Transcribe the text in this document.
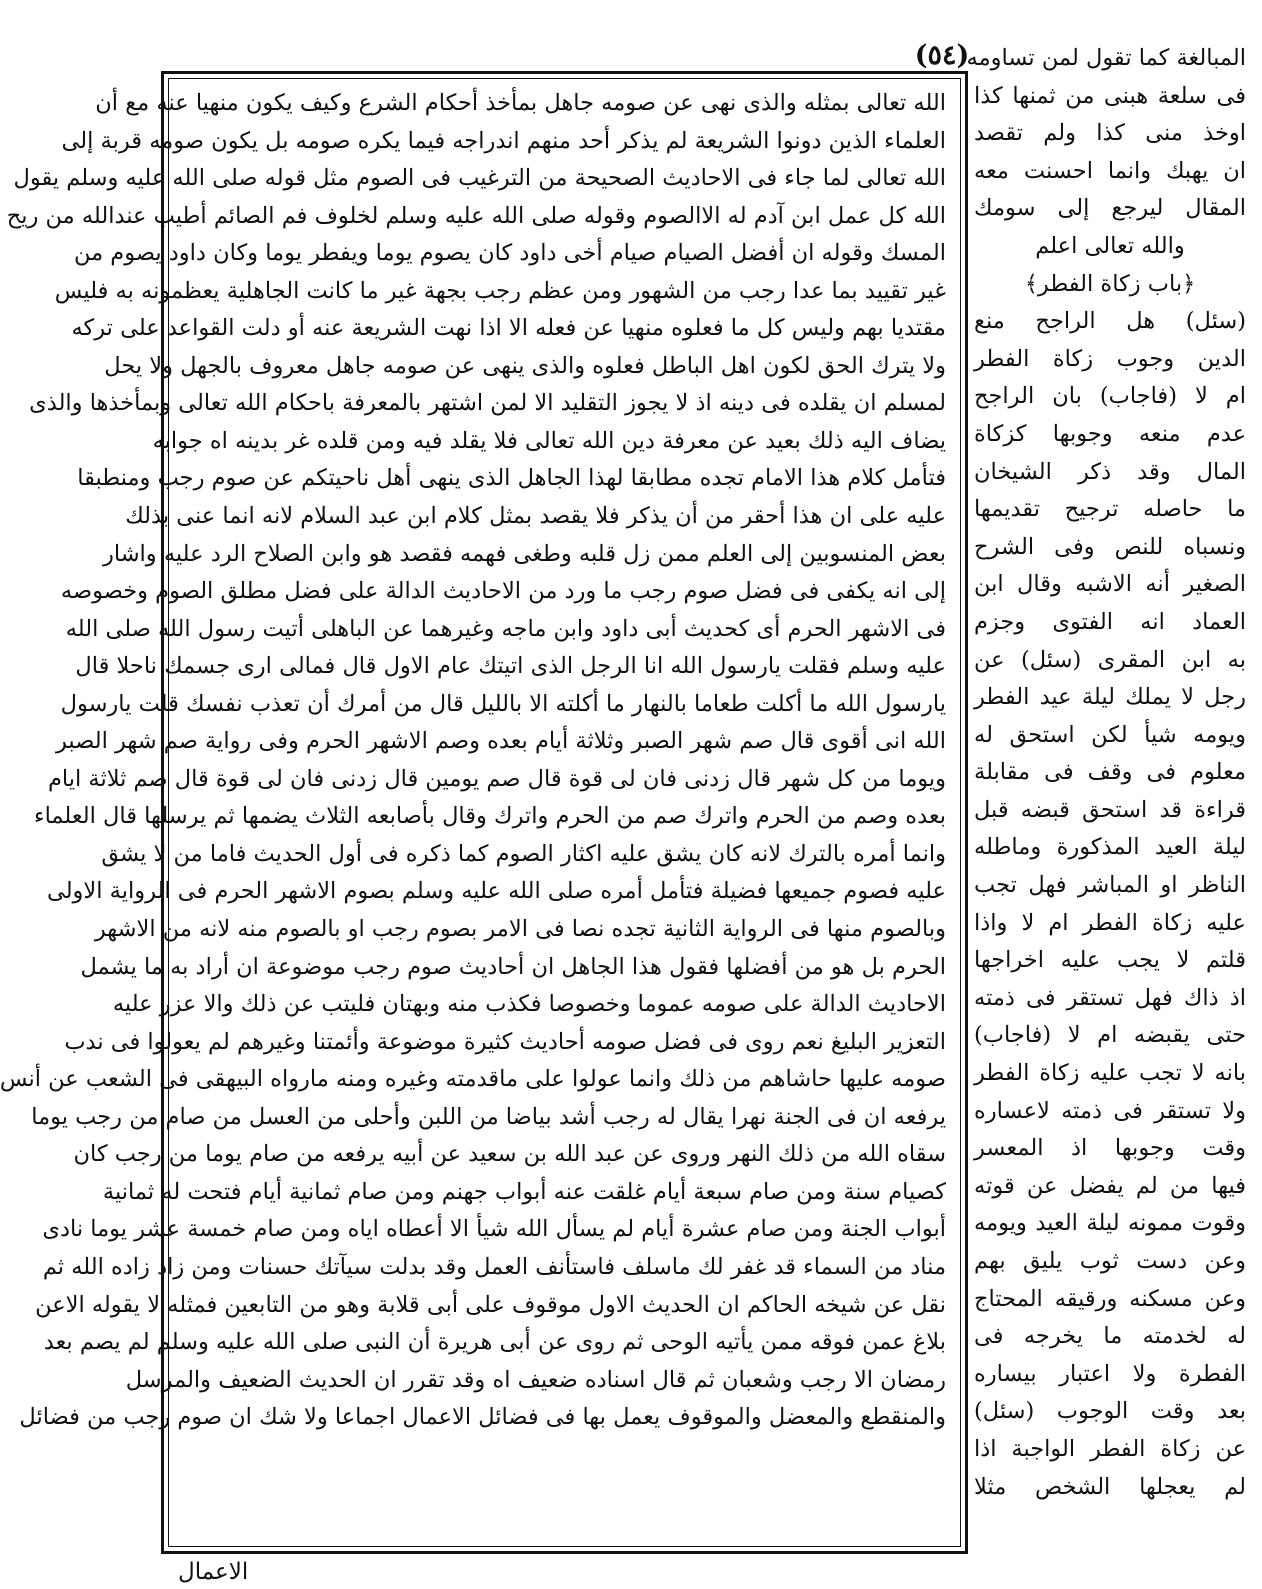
(٥٤)
الله تعالى بمثله والذى نهى عن صومه جاهل بمأخذ أحكام الشرع وكيف يكون منهيا عنه مع أن
العلماء الذين دونوا الشريعة لم يذكر أحد منهم اندراجه فيما يكره صومه بل يكون صومه قربة إلى
الله تعالى لما جاء فى الاحاديث الصحيحة من الترغيب فى الصوم مثل قوله صلى الله عليه وسلم يقول
الله كل عمل ابن آدم له الاالصوم وقوله صلى الله عليه وسلم لخلوف فم الصائم أطيب عندالله من ريح
المسك وقوله ان أفضل الصيام صيام أخى داود كان يصوم يوما ويفطر يوما وكان داود يصوم من
غير تقييد بما عدا رجب من الشهور ومن عظم رجب بجهة غير ما كانت الجاهلية يعظمونه به فليس
مقتديا بهم وليس كل ما فعلوه منهيا عن فعله الا اذا نهت الشريعة عنه أو دلت القواعد على تركه
ولا يترك الحق لكون اهل الباطل فعلوه والذى ينهى عن صومه جاهل معروف بالجهل ولا يحل
لمسلم ان يقلده فى دينه اذ لا يجوز التقليد الا لمن اشتهر بالمعرفة باحكام الله تعالى وبمأخذها والذى
يضاف اليه ذلك بعيد عن معرفة دين الله تعالى فلا يقلد فيه ومن قلده غر بدينه اه جوابه
فتأمل كلام هذا الامام تجده مطابقا لهذا الجاهل الذى ينهى أهل ناحيتكم عن صوم رجب ومنطبقا
عليه على ان هذا أحقر من أن يذكر فلا يقصد بمثل كلام ابن عبد السلام لانه انما عنى بذلك
بعض المنسوبين إلى العلم ممن زل قلبه وطغى فهمه فقصد هو وابن الصلاح الرد عليه واشار
إلى انه يكفى فى فضل صوم رجب ما ورد من الاحاديث الدالة على فضل مطلق الصوم وخصوصه
فى الاشهر الحرم أى كحديث أبى داود وابن ماجه وغيرهما عن الباهلى أتيت رسول الله صلى الله
عليه وسلم فقلت يارسول الله انا الرجل الذى اتيتك عام الاول قال فمالى ارى جسمك ناحلا قال
يارسول الله ما أكلت طعاما بالنهار ما أكلته الا بالليل قال من أمرك أن تعذب نفسك قلت يارسول
الله انى أقوى قال صم شهر الصبر وثلاثة أيام بعده وصم الاشهر الحرم وفى رواية صم شهر الصبر
ويوما من كل شهر قال زدنى فان لى قوة قال صم يومين قال زدنى فان لى قوة قال صم ثلاثة ايام
بعده وصم من الحرم واترك صم من الحرم واترك وقال بأصابعه الثلاث يضمها ثم يرسلها قال العلماء
وانما أمره بالترك لانه كان يشق عليه اكثار الصوم كما ذكره فى أول الحديث فاما من لا يشق
عليه فصوم جميعها فضيلة فتأمل أمره صلى الله عليه وسلم بصوم الاشهر الحرم فى الرواية الاولى
وبالصوم منها فى الرواية الثانية تجده نصا فى الامر بصوم رجب او بالصوم منه لانه من الاشهر
الحرم بل هو من أفضلها فقول هذا الجاهل ان أحاديث صوم رجب موضوعة ان أراد به ما يشمل
الاحاديث الدالة على صومه عموما وخصوصا فكذب منه وبهتان فليتب عن ذلك والا عزر عليه
التعزير البليغ نعم روى فى فضل صومه أحاديث كثيرة موضوعة وأئمتنا وغيرهم لم يعولوا فى ندب
صومه عليها حاشاهم من ذلك وانما عولوا على ماقدمته وغيره ومنه مارواه البيهقى فى الشعب عن أنس
يرفعه ان فى الجنة نهرا يقال له رجب أشد بياضا من اللبن وأحلى من العسل من صام من رجب يوما
سقاه الله من ذلك النهر وروى عن عبد الله بن سعيد عن أبيه يرفعه من صام يوما من رجب كان
كصيام سنة ومن صام سبعة أيام غلقت عنه أبواب جهنم ومن صام ثمانية أيام فتحت له ثمانية
أبواب الجنة ومن صام عشرة أيام لم يسأل الله شيأ الا أعطاه اياه ومن صام خمسة عشر يوما نادى
مناد من السماء قد غفر لك ماسلف فاستأنف العمل وقد بدلت سيآتك حسنات ومن زاد زاده الله ثم
نقل عن شيخه الحاكم ان الحديث الاول موقوف على أبى قلابة وهو من التابعين فمثله لا يقوله الاعن
بلاغ عمن فوقه ممن يأتيه الوحى ثم روى عن أبى هريرة أن النبى صلى الله عليه وسلم لم يصم بعد
رمضان الا رجب وشعبان ثم قال اسناده ضعيف اه وقد تقرر ان الحديث الضعيف والمرسل
والمنقطع والمعضل والموقوف يعمل بها فى فضائل الاعمال اجماعا ولا شك ان صوم رجب من فضائل
المبالغة كما تقول لمن تساومه
فى سلعة هبنى من ثمنها كذا
اوخذ منى كذا ولم تقصد
ان يهبك وانما احسنت معه
المقال ليرجع إلى سومك
والله تعالى اعلم
﴿باب زكاة الفطر﴾
(سئل) هل الراجح منع
الدين وجوب زكاة الفطر
ام لا (فاجاب) بان الراجح
عدم منعه وجوبها كزكاة
المال وقد ذكر الشيخان
ما حاصله ترجيح تقديمها
ونسباه للنص وفى الشرح
الصغير أنه الاشبه وقال ابن
العماد انه الفتوى وجزم
به ابن المقرى (سئل) عن
رجل لا يملك ليلة عيد الفطر
ويومه شيأ لكن استحق له
معلوم فى وقف فى مقابلة
قراءة قد استحق قبضه قبل
ليلة العيد المذكورة وماطله
الناظر او المباشر فهل تجب
عليه زكاة الفطر ام لا واذا
قلتم لا يجب عليه اخراجها
اذ ذاك فهل تستقر فى ذمته
حتى يقبضه ام لا (فاجاب)
بانه لا تجب عليه زكاة الفطر
ولا تستقر فى ذمته لاعساره
وقت وجوبها اذ المعسر
فيها من لم يفضل عن قوته
وقوت ممونه ليلة العيد ويومه
وعن دست ثوب يليق بهم
وعن مسكنه ورقيقه المحتاج
له لخدمته ما يخرجه فى
الفطرة ولا اعتبار بيساره
بعد وقت الوجوب (سئل)
عن زكاة الفطر الواجبة اذا
لم يعجلها الشخص مثلا
الاعمال
